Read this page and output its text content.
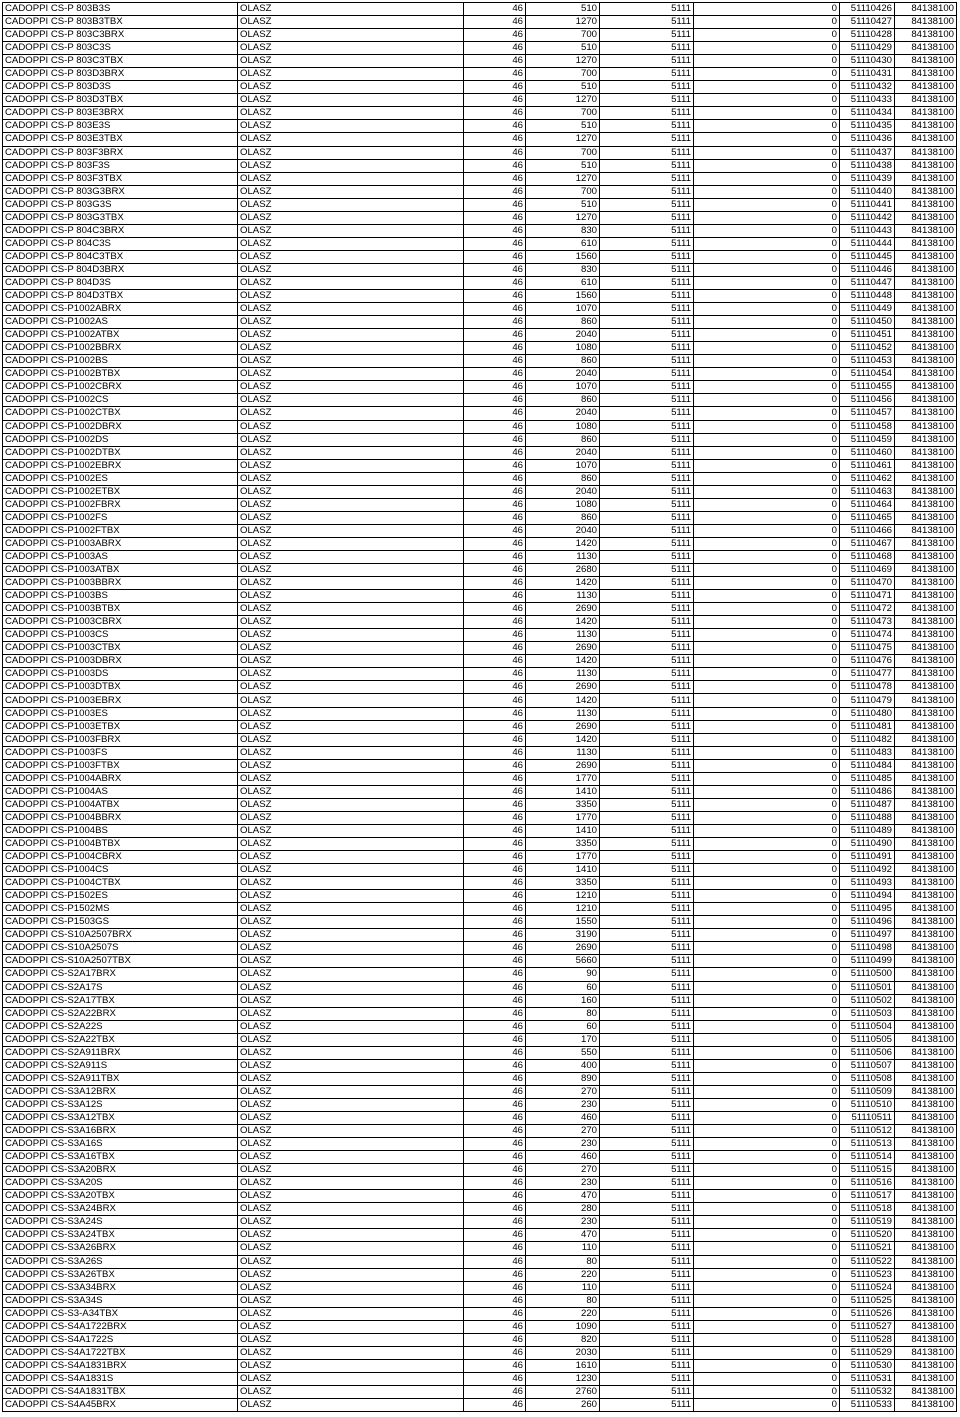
CADOPPI CS-P 803B3S	OLASZ	46	510	5111	0	51110426	84138100
CADOPPI CS-P 803B3TBX	OLASZ	46	1270	5111	0	51110427	84138100
CADOPPI CS-P 803C3BRX	OLASZ	46	700	5111	0	51110428	84138100
CADOPPI CS-P 803C3S	OLASZ	46	510	5111	0	51110429	84138100
CADOPPI CS-P 803C3TBX	OLASZ	46	1270	5111	0	51110430	84138100
CADOPPI CS-P 803D3BRX	OLASZ	46	700	5111	0	51110431	84138100
CADOPPI CS-P 803D3S	OLASZ	46	510	5111	0	51110432	84138100
CADOPPI CS-P 803D3TBX	OLASZ	46	1270	5111	0	51110433	84138100
CADOPPI CS-P 803E3BRX	OLASZ	46	700	5111	0	51110434	84138100
CADOPPI CS-P 803E3S	OLASZ	46	510	5111	0	51110435	84138100
CADOPPI CS-P 803E3TBX	OLASZ	46	1270	5111	0	51110436	84138100
CADOPPI CS-P 803F3BRX	OLASZ	46	700	5111	0	51110437	84138100
CADOPPI CS-P 803F3S	OLASZ	46	510	5111	0	51110438	84138100
CADOPPI CS-P 803F3TBX	OLASZ	46	1270	5111	0	51110439	84138100
CADOPPI CS-P 803G3BRX	OLASZ	46	700	5111	0	51110440	84138100
CADOPPI CS-P 803G3S	OLASZ	46	510	5111	0	51110441	84138100
CADOPPI CS-P 803G3TBX	OLASZ	46	1270	5111	0	51110442	84138100
CADOPPI CS-P 804C3BRX	OLASZ	46	830	5111	0	51110443	84138100
CADOPPI CS-P 804C3S	OLASZ	46	610	5111	0	51110444	84138100
CADOPPI CS-P 804C3TBX	OLASZ	46	1560	5111	0	51110445	84138100
CADOPPI CS-P 804D3BRX	OLASZ	46	830	5111	0	51110446	84138100
CADOPPI CS-P 804D3S	OLASZ	46	610	5111	0	51110447	84138100
CADOPPI CS-P 804D3TBX	OLASZ	46	1560	5111	0	51110448	84138100
CADOPPI CS-P1002ABRX	OLASZ	46	1070	5111	0	51110449	84138100
CADOPPI CS-P1002AS	OLASZ	46	860	5111	0	51110450	84138100
CADOPPI CS-P1002ATBX	OLASZ	46	2040	5111	0	51110451	84138100
CADOPPI CS-P1002BBRX	OLASZ	46	1080	5111	0	51110452	84138100
CADOPPI CS-P1002BS	OLASZ	46	860	5111	0	51110453	84138100
CADOPPI CS-P1002BTBX	OLASZ	46	2040	5111	0	51110454	84138100
CADOPPI CS-P1002CBRX	OLASZ	46	1070	5111	0	51110455	84138100
CADOPPI CS-P1002CS	OLASZ	46	860	5111	0	51110456	84138100
CADOPPI CS-P1002CTBX	OLASZ	46	2040	5111	0	51110457	84138100
CADOPPI CS-P1002DBRX	OLASZ	46	1080	5111	0	51110458	84138100
CADOPPI CS-P1002DS	OLASZ	46	860	5111	0	51110459	84138100
CADOPPI CS-P1002DTBX	OLASZ	46	2040	5111	0	51110460	84138100
CADOPPI CS-P1002EBRX	OLASZ	46	1070	5111	0	51110461	84138100
CADOPPI CS-P1002ES	OLASZ	46	860	5111	0	51110462	84138100
CADOPPI CS-P1002ETBX	OLASZ	46	2040	5111	0	51110463	84138100
CADOPPI CS-P1002FBRX	OLASZ	46	1080	5111	0	51110464	84138100
CADOPPI CS-P1002FS	OLASZ	46	860	5111	0	51110465	84138100
CADOPPI CS-P1002FTBX	OLASZ	46	2040	5111	0	51110466	84138100
CADOPPI CS-P1003ABRX	OLASZ	46	1420	5111	0	51110467	84138100
CADOPPI CS-P1003AS	OLASZ	46	1130	5111	0	51110468	84138100
CADOPPI CS-P1003ATBX	OLASZ	46	2680	5111	0	51110469	84138100
CADOPPI CS-P1003BBRX	OLASZ	46	1420	5111	0	51110470	84138100
CADOPPI CS-P1003BS	OLASZ	46	1130	5111	0	51110471	84138100
CADOPPI CS-P1003BTBX	OLASZ	46	2690	5111	0	51110472	84138100
CADOPPI CS-P1003CBRX	OLASZ	46	1420	5111	0	51110473	84138100
CADOPPI CS-P1003CS	OLASZ	46	1130	5111	0	51110474	84138100
CADOPPI CS-P1003CTBX	OLASZ	46	2690	5111	0	51110475	84138100
CADOPPI CS-P1003DBRX	OLASZ	46	1420	5111	0	51110476	84138100
CADOPPI CS-P1003DS	OLASZ	46	1130	5111	0	51110477	84138100
CADOPPI CS-P1003DTBX	OLASZ	46	2690	5111	0	51110478	84138100
CADOPPI CS-P1003EBRX	OLASZ	46	1420	5111	0	51110479	84138100
CADOPPI CS-P1003ES	OLASZ	46	1130	5111	0	51110480	84138100
CADOPPI CS-P1003ETBX	OLASZ	46	2690	5111	0	51110481	84138100
CADOPPI CS-P1003FBRX	OLASZ	46	1420	5111	0	51110482	84138100
CADOPPI CS-P1003FS	OLASZ	46	1130	5111	0	51110483	84138100
CADOPPI CS-P1003FTBX	OLASZ	46	2690	5111	0	51110484	84138100
CADOPPI CS-P1004ABRX	OLASZ	46	1770	5111	0	51110485	84138100
CADOPPI CS-P1004AS	OLASZ	46	1410	5111	0	51110486	84138100
CADOPPI CS-P1004ATBX	OLASZ	46	3350	5111	0	51110487	84138100
CADOPPI CS-P1004BBRX	OLASZ	46	1770	5111	0	51110488	84138100
CADOPPI CS-P1004BS	OLASZ	46	1410	5111	0	51110489	84138100
CADOPPI CS-P1004BTBX	OLASZ	46	3350	5111	0	51110490	84138100
CADOPPI CS-P1004CBRX	OLASZ	46	1770	5111	0	51110491	84138100
CADOPPI CS-P1004CS	OLASZ	46	1410	5111	0	51110492	84138100
CADOPPI CS-P1004CTBX	OLASZ	46	3350	5111	0	51110493	84138100
CADOPPI CS-P1502ES	OLASZ	46	1210	5111	0	51110494	84138100
CADOPPI CS-P1502MS	OLASZ	46	1210	5111	0	51110495	84138100
CADOPPI CS-P1503GS	OLASZ	46	1550	5111	0	51110496	84138100
CADOPPI CS-S10A2507BRX	OLASZ	46	3190	5111	0	51110497	84138100
CADOPPI CS-S10A2507S	OLASZ	46	2690	5111	0	51110498	84138100
CADOPPI CS-S10A2507TBX	OLASZ	46	5660	5111	0	51110499	84138100
CADOPPI CS-S2A17BRX	OLASZ	46	90	5111	0	51110500	84138100
CADOPPI CS-S2A17S	OLASZ	46	60	5111	0	51110501	84138100
CADOPPI CS-S2A17TBX	OLASZ	46	160	5111	0	51110502	84138100
CADOPPI CS-S2A22BRX	OLASZ	46	80	5111	0	51110503	84138100
CADOPPI CS-S2A22S	OLASZ	46	60	5111	0	51110504	84138100
CADOPPI CS-S2A22TBX	OLASZ	46	170	5111	0	51110505	84138100
CADOPPI CS-S2A911BRX	OLASZ	46	550	5111	0	51110506	84138100
CADOPPI CS-S2A911S	OLASZ	46	400	5111	0	51110507	84138100
CADOPPI CS-S2A911TBX	OLASZ	46	890	5111	0	51110508	84138100
CADOPPI CS-S3A12BRX	OLASZ	46	270	5111	0	51110509	84138100
CADOPPI CS-S3A12S	OLASZ	46	230	5111	0	51110510	84138100
CADOPPI CS-S3A12TBX	OLASZ	46	460	5111	0	51110511	84138100
CADOPPI CS-S3A16BRX	OLASZ	46	270	5111	0	51110512	84138100
CADOPPI CS-S3A16S	OLASZ	46	230	5111	0	51110513	84138100
CADOPPI CS-S3A16TBX	OLASZ	46	460	5111	0	51110514	84138100
CADOPPI CS-S3A20BRX	OLASZ	46	270	5111	0	51110515	84138100
CADOPPI CS-S3A20S	OLASZ	46	230	5111	0	51110516	84138100
CADOPPI CS-S3A20TBX	OLASZ	46	470	5111	0	51110517	84138100
CADOPPI CS-S3A24BRX	OLASZ	46	280	5111	0	51110518	84138100
CADOPPI CS-S3A24S	OLASZ	46	230	5111	0	51110519	84138100
CADOPPI CS-S3A24TBX	OLASZ	46	470	5111	0	51110520	84138100
CADOPPI CS-S3A26BRX	OLASZ	46	110	5111	0	51110521	84138100
CADOPPI CS-S3A26S	OLASZ	46	80	5111	0	51110522	84138100
CADOPPI CS-S3A26TBX	OLASZ	46	220	5111	0	51110523	84138100
CADOPPI CS-S3A34BRX	OLASZ	46	110	5111	0	51110524	84138100
CADOPPI CS-S3A34S	OLASZ	46	80	5111	0	51110525	84138100
CADOPPI CS-S3-A34TBX	OLASZ	46	220	5111	0	51110526	84138100
CADOPPI CS-S4A1722BRX	OLASZ	46	1090	5111	0	51110527	84138100
CADOPPI CS-S4A1722S	OLASZ	46	820	5111	0	51110528	84138100
CADOPPI CS-S4A1722TBX	OLASZ	46	2030	5111	0	51110529	84138100
CADOPPI CS-S4A1831BRX	OLASZ	46	1610	5111	0	51110530	84138100
CADOPPI CS-S4A1831S	OLASZ	46	1230	5111	0	51110531	84138100
CADOPPI CS-S4A1831TBX	OLASZ	46	2760	5111	0	51110532	84138100
CADOPPI CS-S4A45BRX	OLASZ	46	260	5111	0	51110533	84138100
